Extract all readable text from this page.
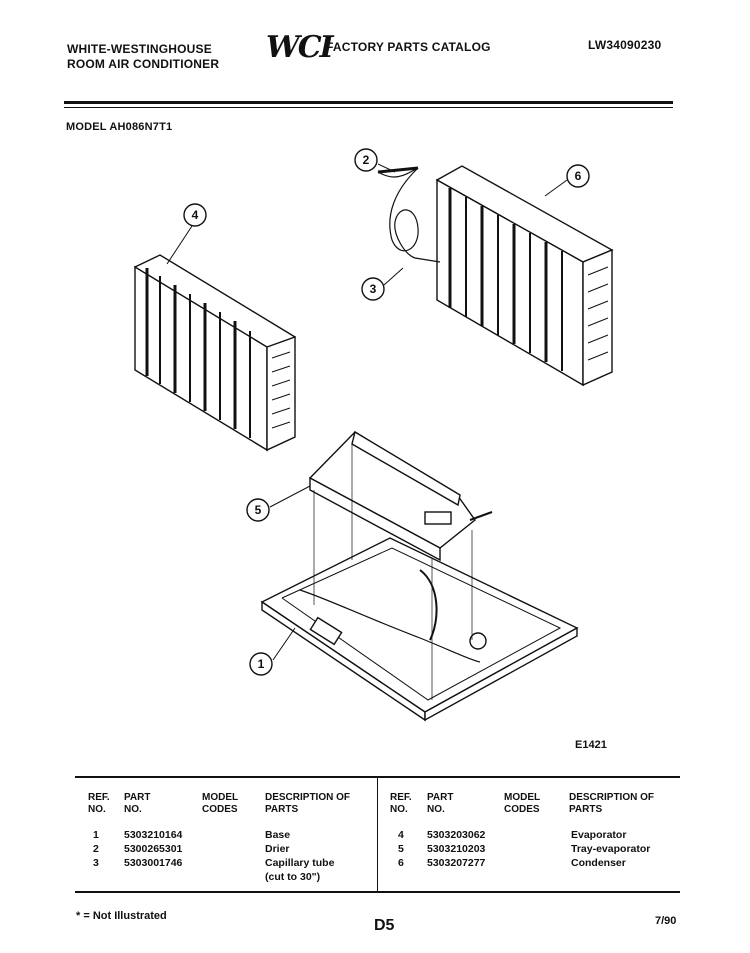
WHITE-WESTINGHOUSE
ROOM AIR CONDITIONER WCI
FACTORY PARTS CATALOG	LW34090230
MODEL AH086N7T1
2
6
4
3
5
1
E1421
REF. NO.
PART NO.
MODEL CODES
DESCRIPTION OF PARTS
REF. NO.
PART NO.
MODEL CODES
DESCRIPTION OF PARTS
1 5303210164	Base
2 5300265301	Drier
3 5303001746	Capillary tube
(cut to 30")
4 5303203062	Evaporator
5 5303210203	Tray-evaporator
6 5303207277	Condenser
* = Not Illustrated
D5	7/90
